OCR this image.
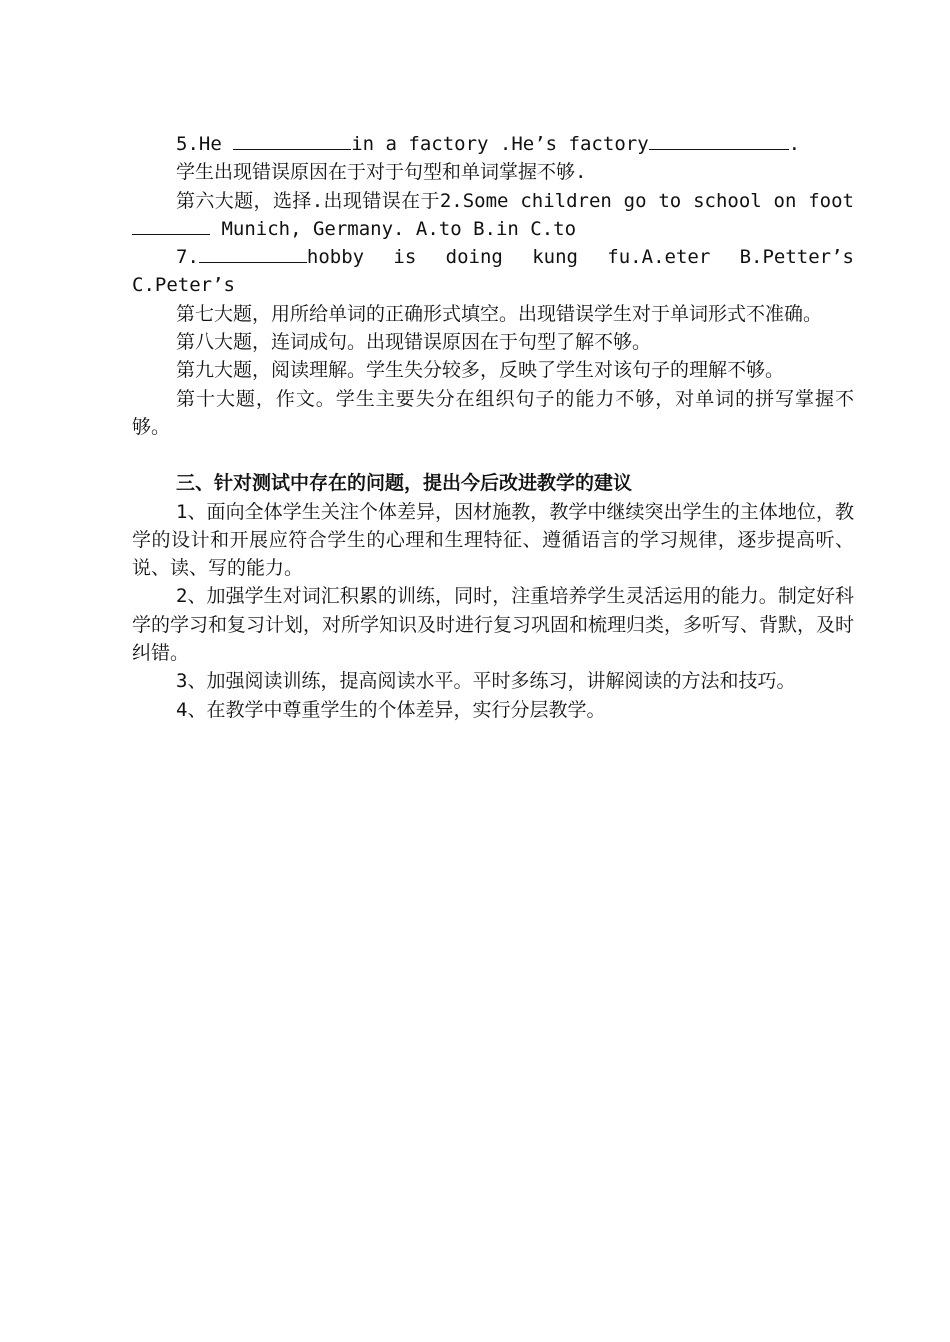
5.He	in a factory .He’s factory	.

学生出现错误原因在于对于句型和单词掌握不够.

第六大题，选择.出现错误在于2.Some children go to school on foot Munich, Germany. A.to B.in C.to

7.	hobby is doing kung fu.A.eter B.Petter’s C.Peter’s

第七大题，用所给单词的正确形式填空。出现错误学生对于单词形式不准确。

第八大题，连词成句。出现错误原因在于句型了解不够。

第九大题，阅读理解。学生失分较多，反映了学生对该句子的理解不够。

第十大题，作文。学生主要失分在组织句子的能力不够，对单词的拼写掌握不够。

三、针对测试中存在的问题，提出今后改进教学的建议

1、面向全体学生关注个体差异，因材施教，教学中继续突出学生的主体地位，教学的设计和开展应符合学生的心理和生理特征、遵循语言的学习规律，逐步提高听、说、读、写的能力。

2、加强学生对词汇积累的训练，同时，注重培养学生灵活运用的能力。制定好科学的学习和复习计划，对所学知识及时进行复习巩固和梳理归类，多听写、背默，及时纠错。

3、加强阅读训练，提高阅读水平。平时多练习，讲解阅读的方法和技巧。

4、在教学中尊重学生的个体差异，实行分层教学。
